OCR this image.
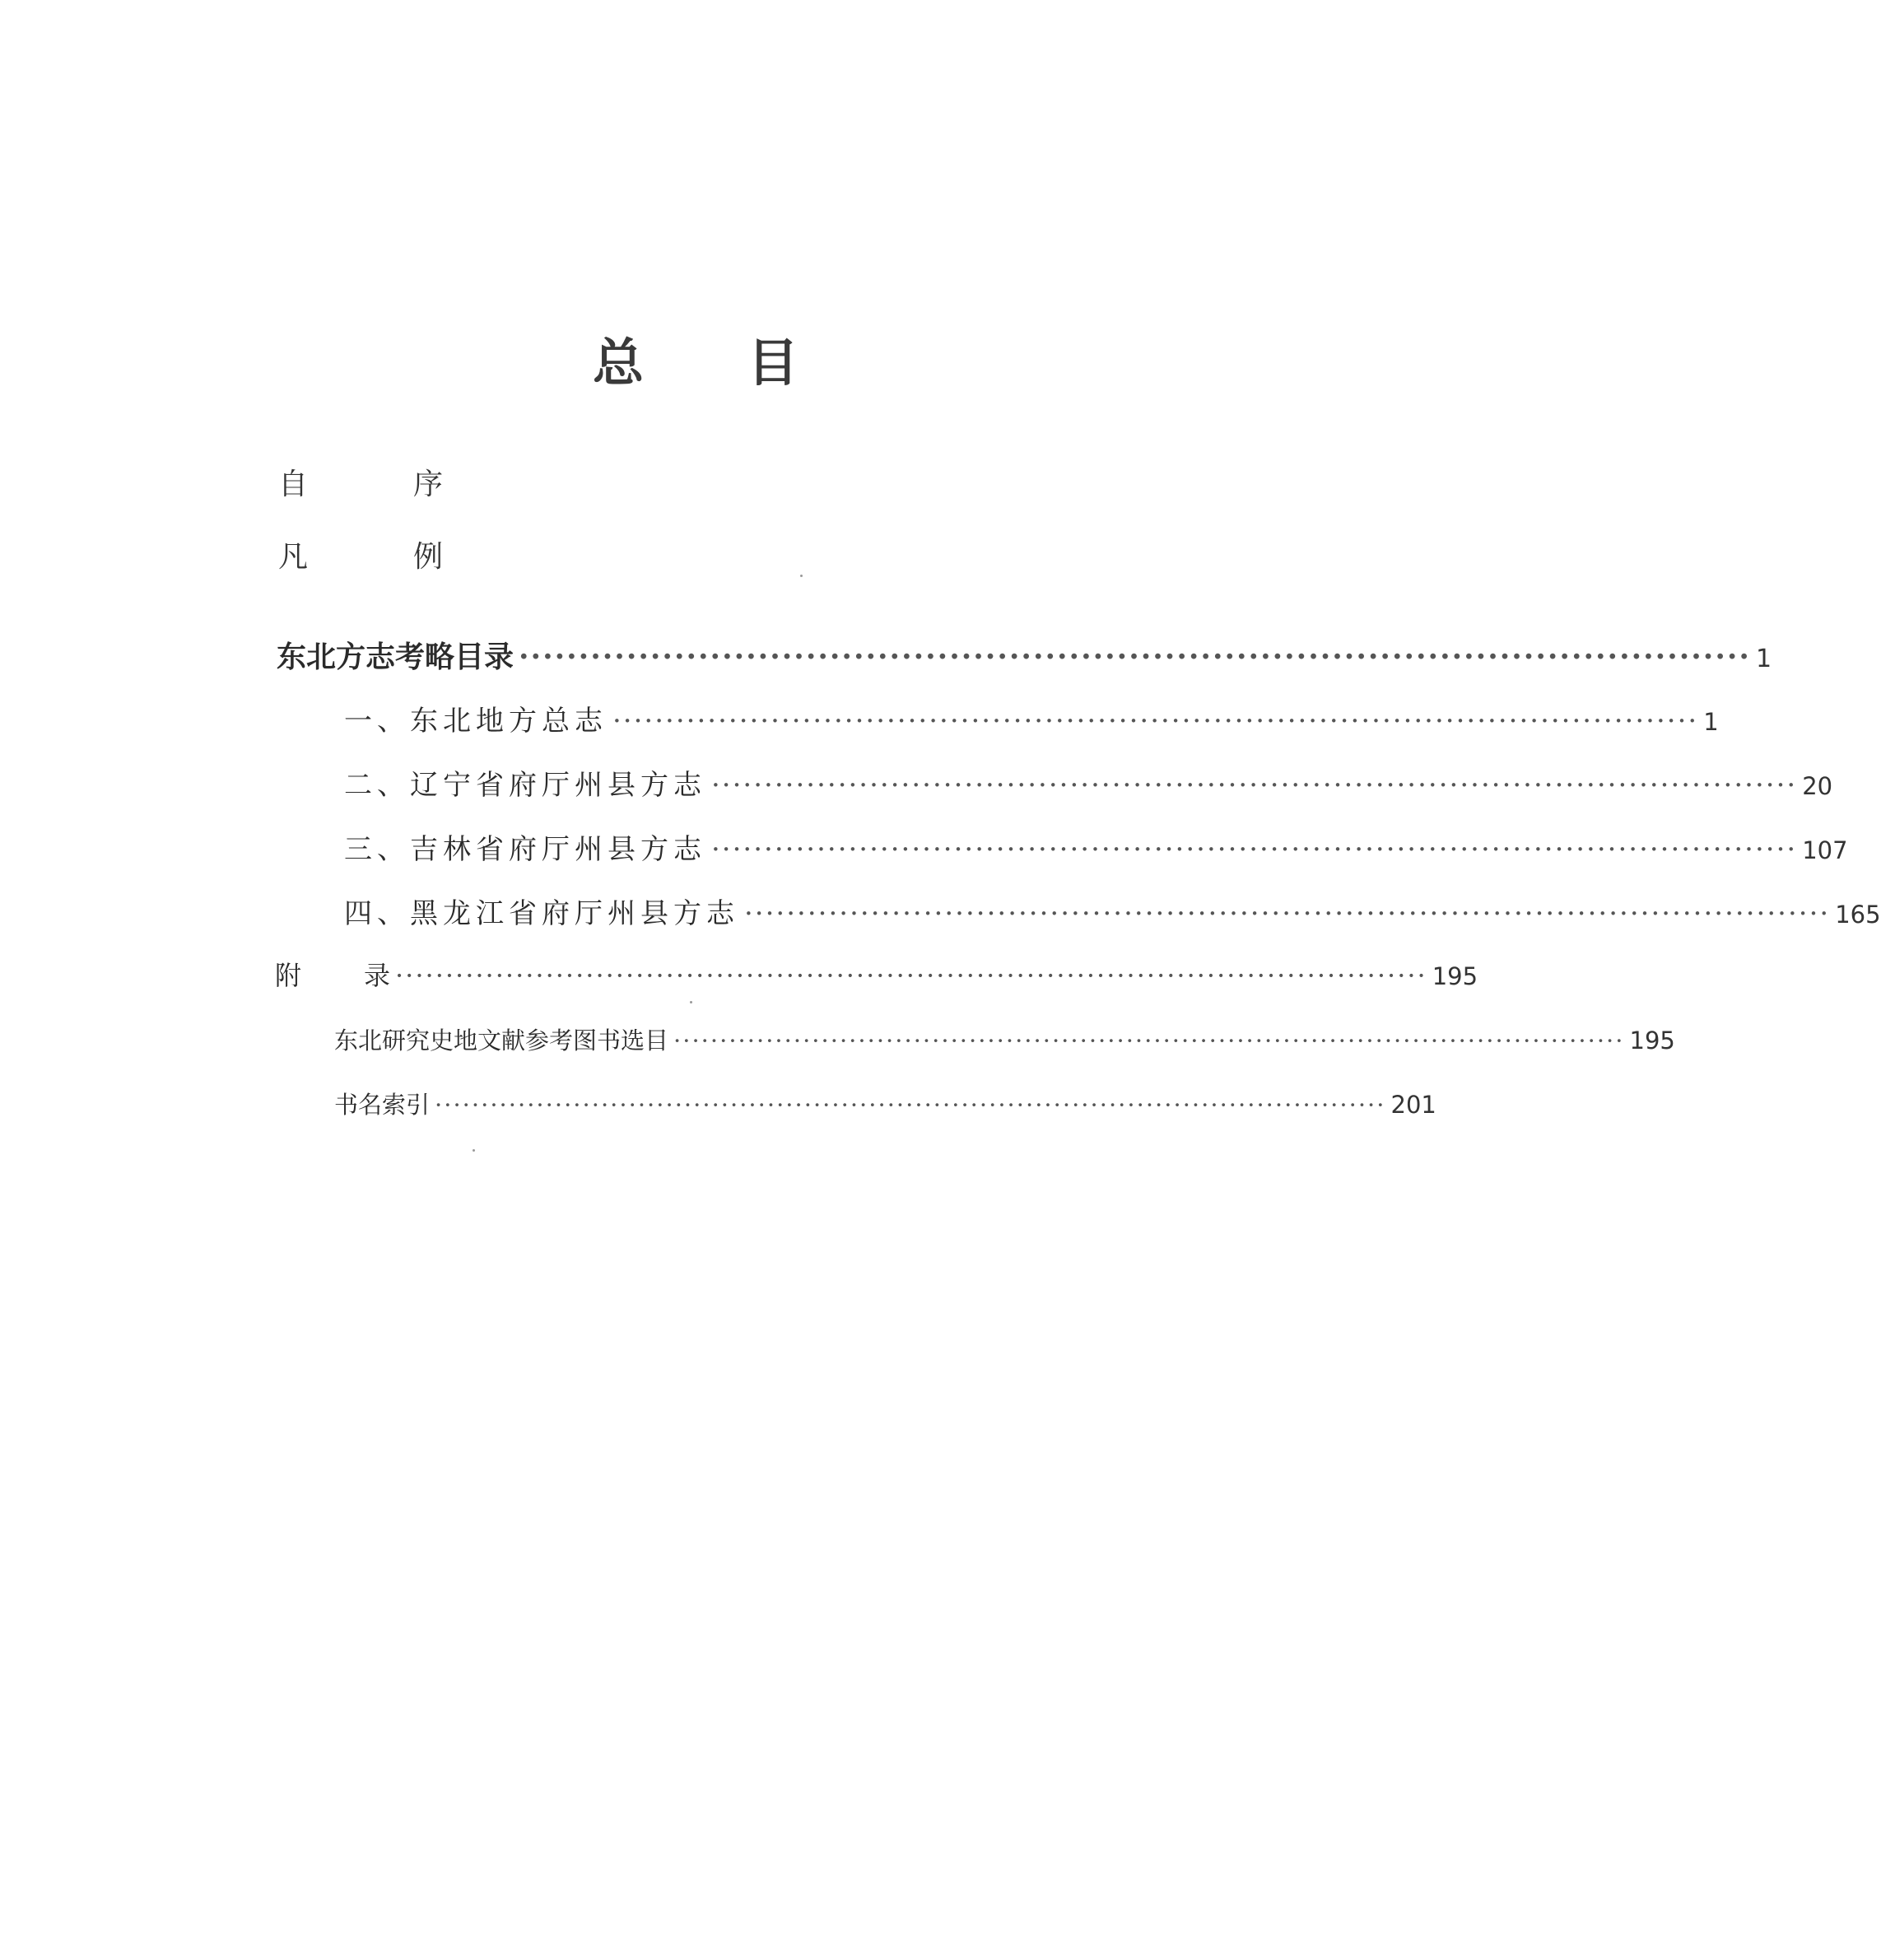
总 目
自	序
凡	例
东北方志考略目录 ······································································································· 1
一、东北地方总志 ······································································································· 1
二、辽宁省府厅州县方志 ······································································································· 20
三、吉林省府厅州县方志 ······································································································· 107
四、黑龙江省府厅州县方志 ······································································································· 165
附 录 ······································································································· 195
东北研究史地文献参考图书选目 ······································································································· 195
书名索引 ······································································································· 201
